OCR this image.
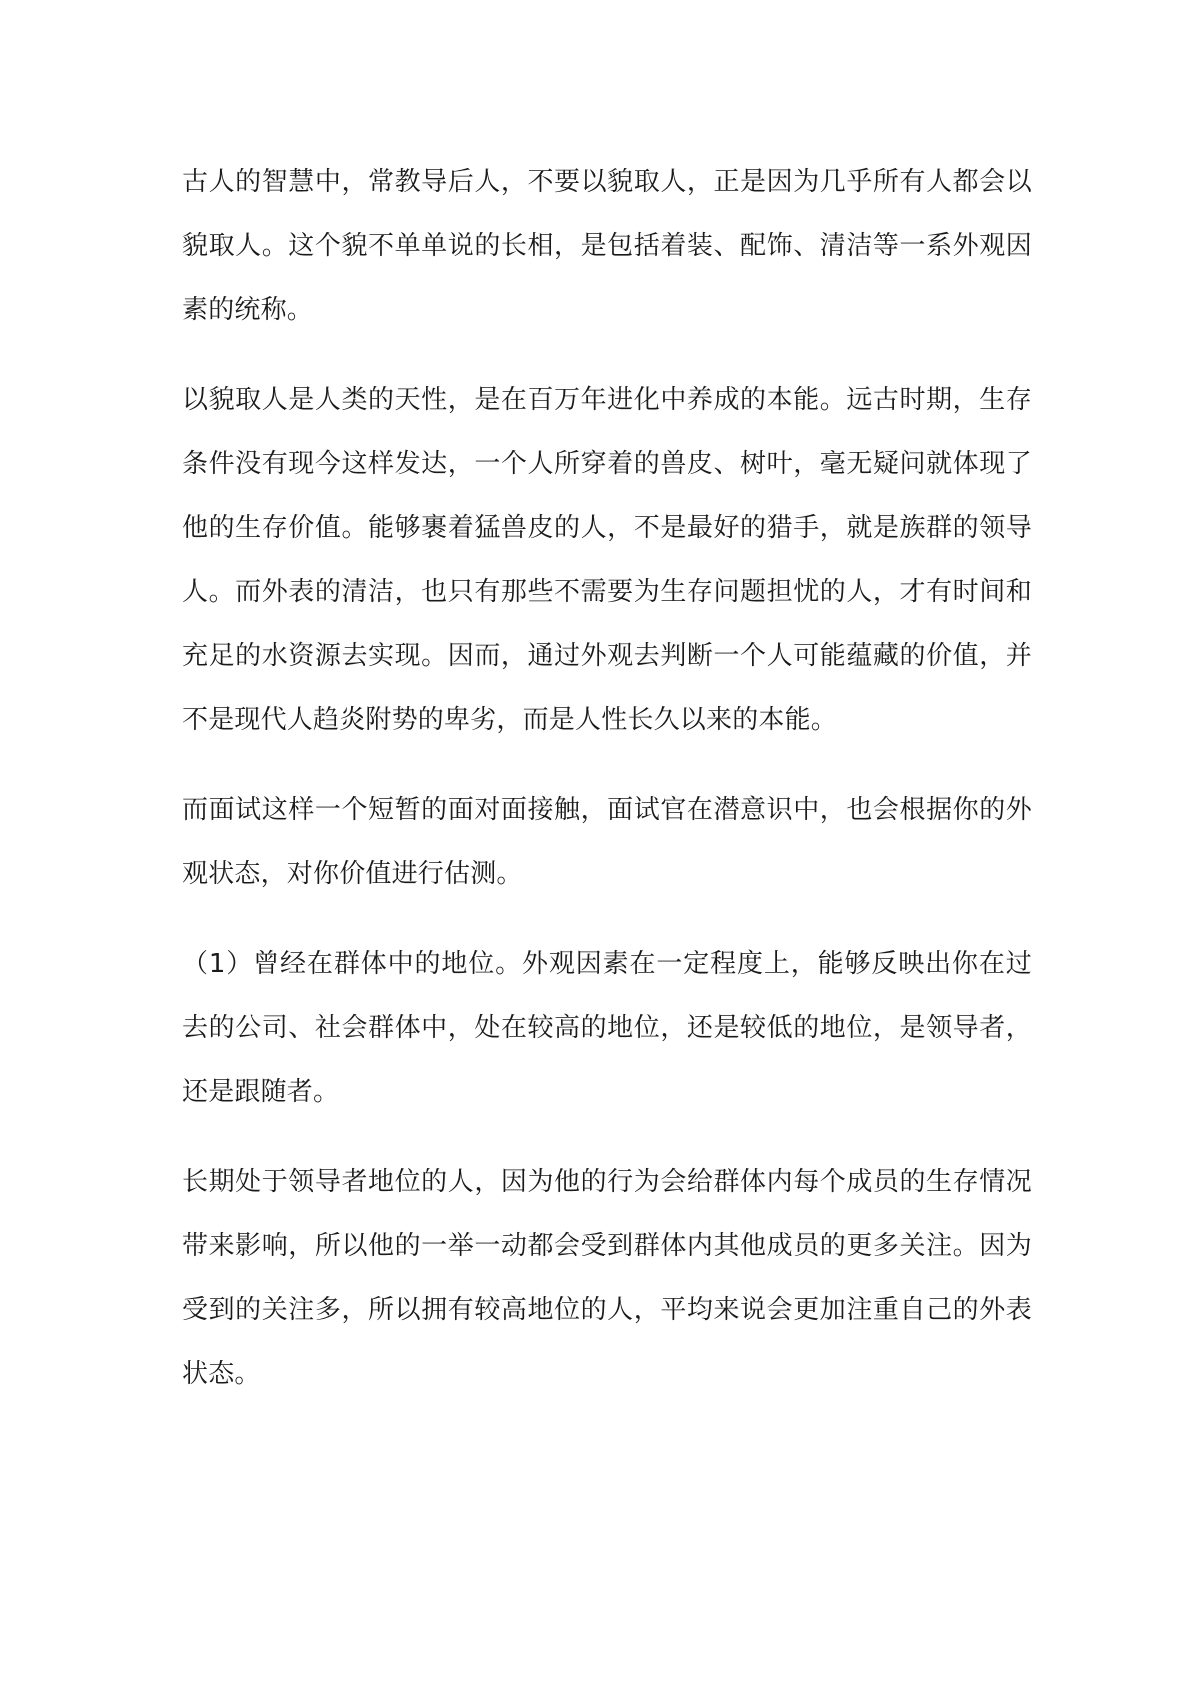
古人的智慧中，常教导后人，不要以貌取人，正是因为几乎所有人都会以貌取人。这个貌不单单说的长相，是包括着装、配饰、清洁等一系外观因素的统称。

以貌取人是人类的天性，是在百万年进化中养成的本能。远古时期，生存条件没有现今这样发达，一个人所穿着的兽皮、树叶，毫无疑问就体现了他的生存价值。能够裹着猛兽皮的人，不是最好的猎手，就是族群的领导人。而外表的清洁，也只有那些不需要为生存问题担忧的人，才有时间和充足的水资源去实现。因而，通过外观去判断一个人可能蕴藏的价值，并不是现代人趋炎附势的卑劣，而是人性长久以来的本能。

而面试这样一个短暂的面对面接触，面试官在潜意识中，也会根据你的外观状态，对你价值进行估测。

（1）曾经在群体中的地位。外观因素在一定程度上，能够反映出你在过去的公司、社会群体中，处在较高的地位，还是较低的地位，是领导者，还是跟随者。

长期处于领导者地位的人，因为他的行为会给群体内每个成员的生存情况带来影响，所以他的一举一动都会受到群体内其他成员的更多关注。因为受到的关注多，所以拥有较高地位的人，平均来说会更加注重自己的外表状态。
